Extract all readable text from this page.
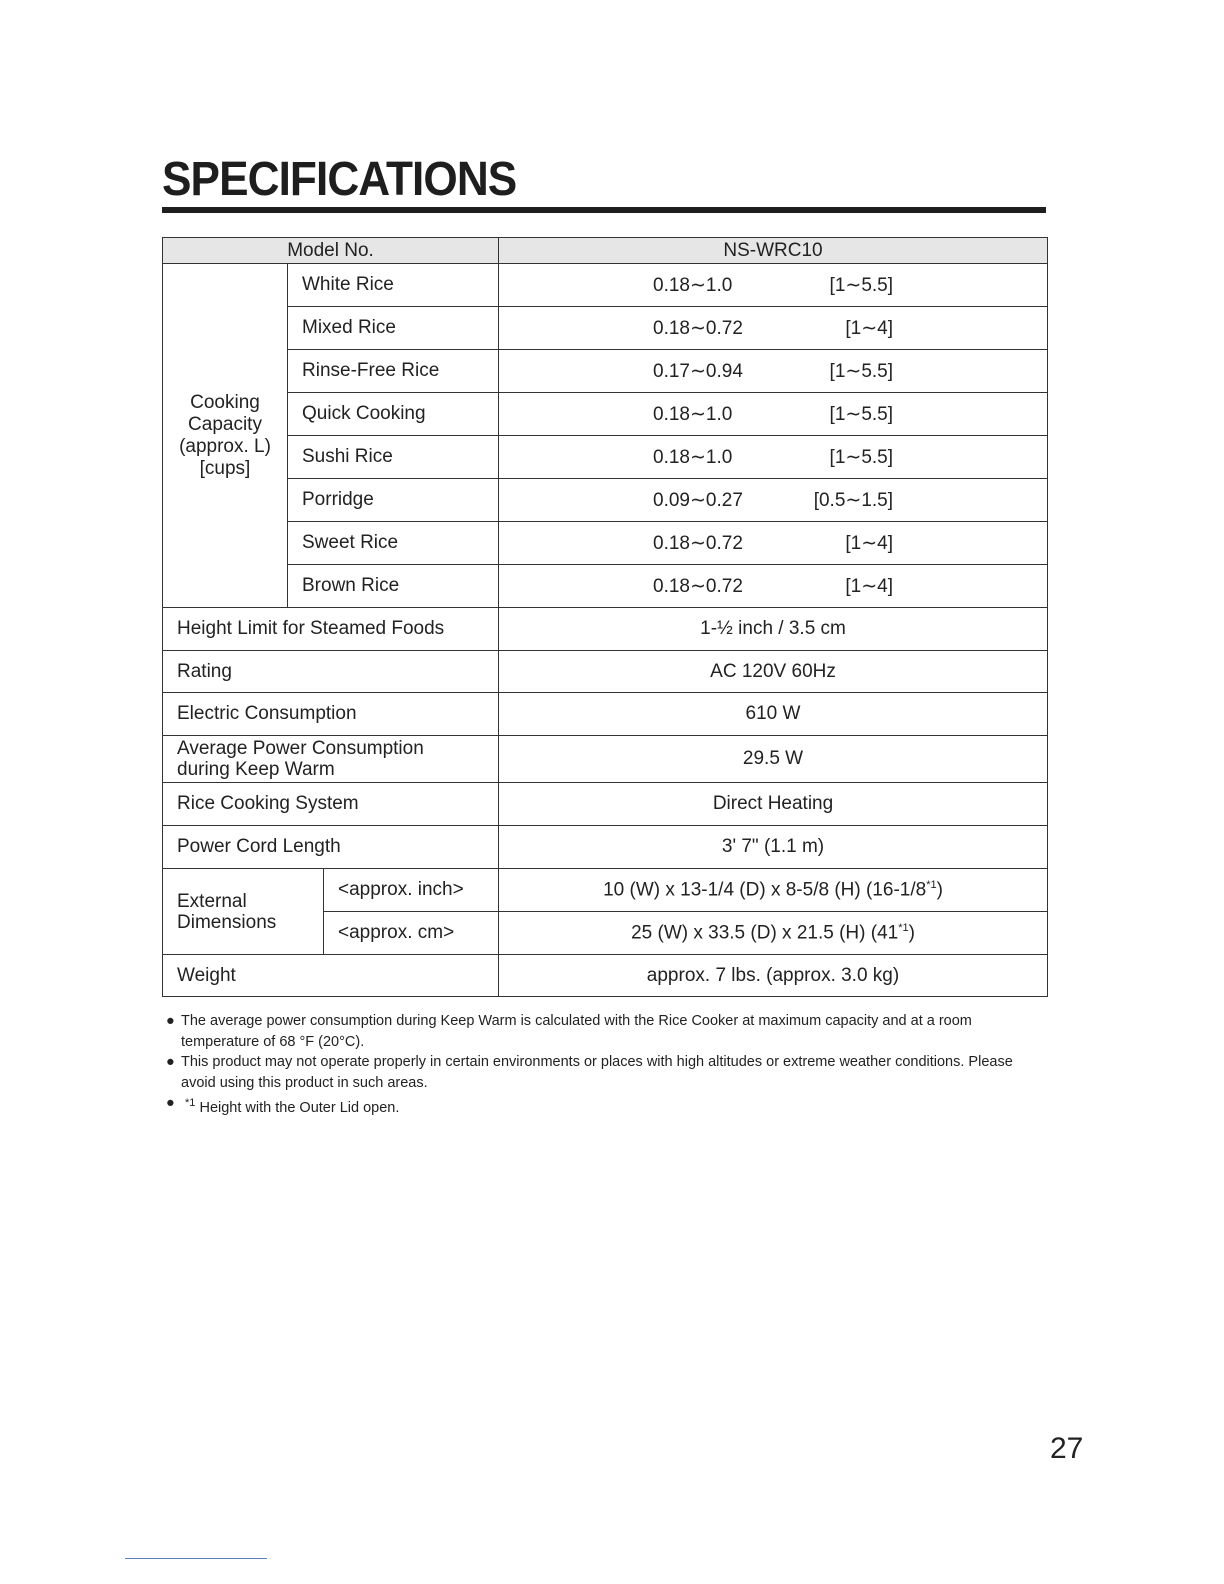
SPECIFICATIONS
Model No.			NS-WRC10
Cooking Capacity (approx. L) [cups]	White Rice		0.18∼1.0 [1∼5.5]

	Mixed Rice		0.18∼0.72 [1∼4]

	Rinse-Free Rice		0.17∼0.94 [1∼5.5]

	Quick Cooking		0.18∼1.0 [1∼5.5]

	Sushi Rice		0.18∼1.0 [1∼5.5]

	Porridge		0.09∼0.27 [0.5∼1.5]

	Sweet Rice		0.18∼0.72 [1∼4]

	Brown Rice		0.18∼0.72 [1∼4]

Height Limit for Steamed Foods			1-½ inch / 3.5 cm
Rating			AC 120V 60Hz
Electric Consumption			610 W
Average Power Consumption
during Keep Warm			29.5 W
Rice Cooking System			Direct Heating
Power Cord Length			3' 7" (1.1 m)
External Dimensions		<approx. inch>	10 (W) x 13-1/4 (D) x 8-5/8 (H) (16-1/8$^{*1}$)
		<approx. cm>	25 (W) x 33.5 (D) x 21.5 (H) (41$^{*1}$)
Weight			approx. 7 lbs. (approx. 3.0 kg)
● The average power consumption during Keep Warm is calculated with the Rice Cooker at maximum capacity and at a room temperature of 68 °F (20°C).
● This product may not operate properly in certain environments or places with high altitudes or extreme weather conditions. Please avoid using this product in such areas.
● $^{*1}$ Height with the Outer Lid open.
27
